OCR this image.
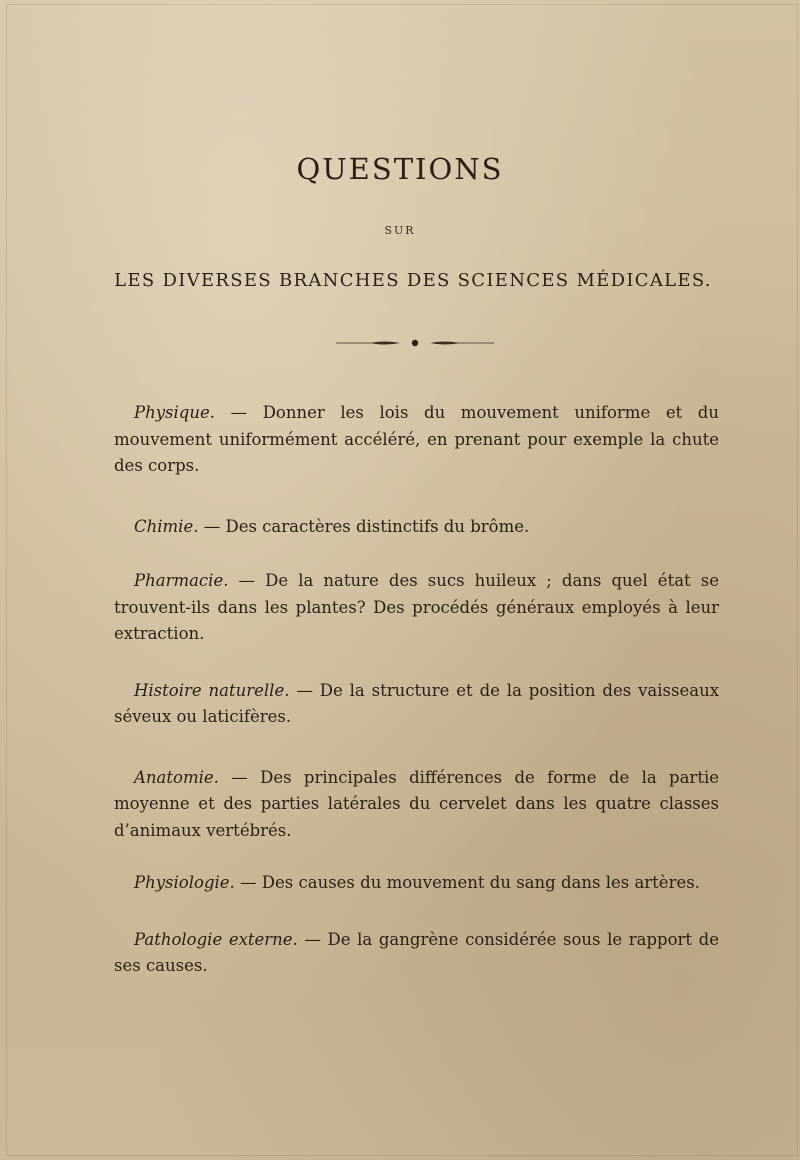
QUESTIONS
SUR
LES DIVERSES BRANCHES DES SCIENCES MÉDICALES.

Physique. — Donner les lois du mouvement uniforme et du mouvement uniformément accéléré, en prenant pour exemple la chute des corps.

Chimie. — Des caractères distinctifs du brôme.

Pharmacie. — De la nature des sucs huileux ; dans quel état se trouvent-ils dans les plantes? Des procédés généraux employés à leur extraction.

Histoire naturelle. — De la structure et de la position des vaisseaux séveux ou laticifères.

Anatomie. — Des principales différences de forme de la partie moyenne et des parties latérales du cervelet dans les quatre classes d’animaux vertébrés.

Physiologie. — Des causes du mouvement du sang dans les artères.

Pathologie externe. — De la gangrène considérée sous le rapport de ses causes.
